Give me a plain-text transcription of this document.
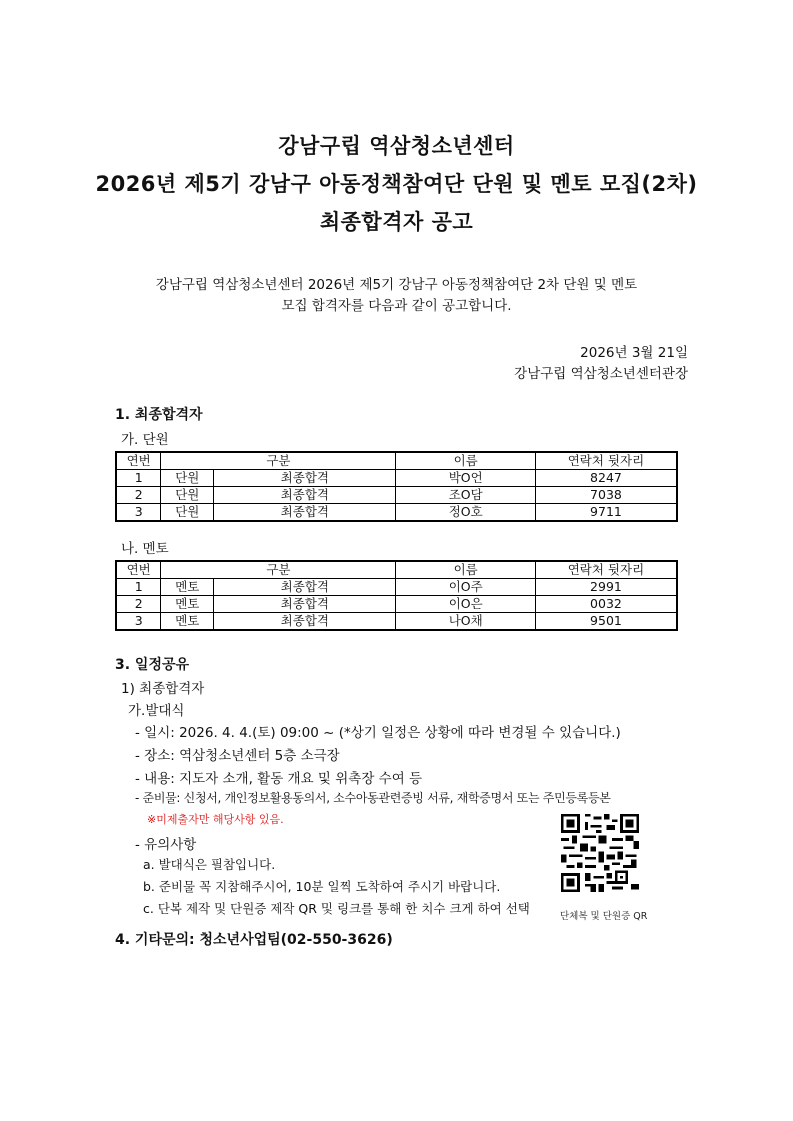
강남구립 역삼청소년센터
2026년 제5기 강남구 아동정책참여단 단원 및 멘토 모집(2차)
최종합격자 공고
강남구립 역삼청소년센터 2026년 제5기 강남구 아동정책참여단 2차 단원 및 멘토
모집 합격자를 다음과 같이 공고합니다.
2026년 3월 21일
강남구립 역삼청소년센터관장
1. 최종합격자
가. 단원
연번	구분		이름	연락처 뒷자리
1	단원	최종합격	박O언	8247
2	단원	최종합격	조O담	7038
3	단원	최종합격	정O호	9711
나. 멘토
연번	구분		이름	연락처 뒷자리
1	멘토	최종합격	이O주	2991
2	멘토	최종합격	이O은	0032
3	멘토	최종합격	나O채	9501
3. 일정공유
1) 최종합격자
가.발대식
- 일시: 2026. 4. 4.(토) 09:00 ~ (*상기 일정은 상황에 따라 변경될 수 있습니다.)
- 장소: 역삼청소년센터 5층 소극장
- 내용: 지도자 소개, 활동 개요 및 위촉장 수여 등
- 준비물: 신청서, 개인정보활용동의서, 소수아동관련증빙 서류, 재학증명서 또는 주민등록등본
※미제출자만 해당사항 있음.
- 유의사항
a. 발대식은 필참입니다.
b. 준비물 꼭 지참해주시어, 10분 일찍 도착하여 주시기 바랍니다.
c. 단복 제작 및 단원증 제작 QR 및 링크를 통해 한 치수 크게 하여 선택
단체복 및 단원증 QR
4. 기타문의: 청소년사업팀(02-550-3626)
